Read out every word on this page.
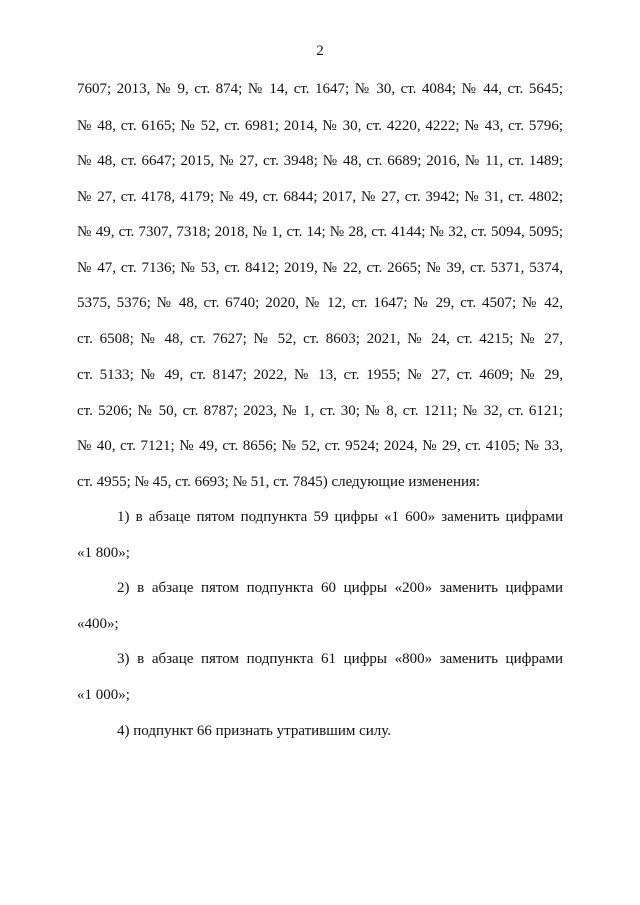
2
7607; 2013, № 9, ст. 874; № 14, ст. 1647; № 30, ст. 4084; № 44, ст. 5645;
№ 48, ст. 6165; № 52, ст. 6981; 2014, № 30, ст. 4220, 4222; № 43, ст. 5796;
№ 48, ст. 6647; 2015, № 27, ст. 3948; № 48, ст. 6689; 2016, № 11, ст. 1489;
№ 27, ст. 4178, 4179; № 49, ст. 6844; 2017, № 27, ст. 3942; № 31, ст. 4802;
№ 49, ст. 7307, 7318; 2018, № 1, ст. 14; № 28, ст. 4144; № 32, ст. 5094, 5095;
№ 47, ст. 7136; № 53, ст. 8412; 2019, № 22, ст. 2665; № 39, ст. 5371, 5374,
5375, 5376; № 48, ст. 6740; 2020, № 12, ст. 1647; № 29, ст. 4507; № 42,
ст. 6508; № 48, ст. 7627; № 52, ст. 8603; 2021, № 24, ст. 4215; № 27,
ст. 5133; № 49, ст. 8147; 2022, № 13, ст. 1955; № 27, ст. 4609; № 29,
ст. 5206; № 50, ст. 8787; 2023, № 1, ст. 30; № 8, ст. 1211; № 32, ст. 6121;
№ 40, ст. 7121; № 49, ст. 8656; № 52, ст. 9524; 2024, № 29, ст. 4105; № 33,
ст. 4955; № 45, ст. 6693; № 51, ст. 7845) следующие изменения:
1) в абзаце пятом подпункта 59 цифры «1 600» заменить цифрами
«1 800»;
2) в абзаце пятом подпункта 60 цифры «200» заменить цифрами
«400»;
3) в абзаце пятом подпункта 61 цифры «800» заменить цифрами
«1 000»;
4) подпункт 66 признать утратившим силу.
